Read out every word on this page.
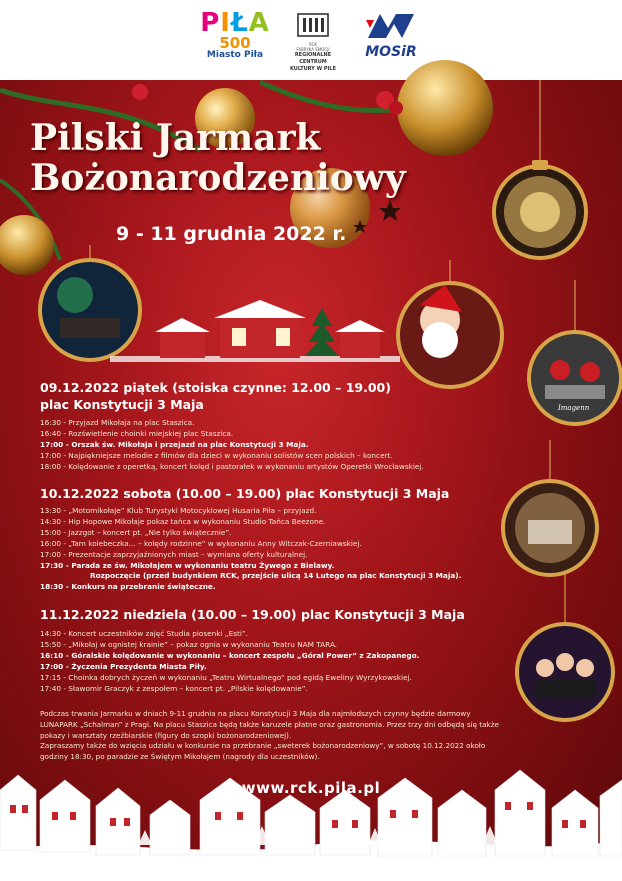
PIŁA
500
Miasto Piła
RCK
FABRYKA EMOCJI
REGIONALNE CENTRUM
KULTURY W PILE
MOSiR
Imagenn
Pilski Jarmark
Bożonarodzeniowy
9 - 11 grudnia 2022 r.
09.12.2022 piątek (stoiska czynne: 12.00 – 19.00)
plac Konstytucji 3 Maja
16:30 - Przyjazd Mikołaja na plac Staszica.
16:40 - Rozświetlenie choinki miejskiej plac Staszica.
17:00 - Orszak św. Mikołaja i przejazd na plac Konstytucji 3 Maja.
17:00 - Najpiękniejsze melodie z filmów dla dzieci w wykonaniu solistów scen polskich – koncert.
18:00 - Kolędowanie z operetką, koncert kolęd i pastorałek w wykonaniu artystów Operetki Wrocławskiej.
10.12.2022 sobota (10.00 – 19.00) plac Konstytucji 3 Maja
13:30 - „Motomikołaje” Klub Turystyki Motocyklowej Husaria Piła – przyjazd.
14:30 - Hip Hopowe Mikołaje pokaz tańca w wykonaniu Studio Tańca Beezone.
15:00 - Jazzgot – koncert pt. „Nie tylko świątecznie”.
16:00 - „Tam kolebeczka... – kolędy rodzinne” w wykonaniu Anny Witczak-Czerniawskiej.
17:00 - Prezentacje zaprzyjaźnionych miast – wymiana oferty kulturalnej.
17:30 - Parada ze św. Mikołajem w wykonaniu teatru Żywego z Bielawy.
Rozpoczęcie (przed budynkiem RCK, przejście ulicą 14 Lutego na plac Konstytucji 3 Maja).
18:30 - Konkurs na przebranie świąteczne.
11.12.2022 niedziela (10.00 – 19.00) plac Konstytucji 3 Maja
14:30 - Koncert uczestników zajęć Studia piosenki „Esti”.
15:50 - „Mikołaj w ognistej krainie” – pokaz ognia w wykonaniu Teatru NAM TARA.
16:10 - Góralskie kolędowanie w wykonaniu – koncert zespołu „Góral Power” z Zakopanego.
17:00 - Życzenia Prezydenta Miasta Piły.
17:15 - Choinka dobrych życzeń w wykonaniu „Teatru Wirtualnego” pod egidą Eweliny Wyrzykowskiej.
17:40 - Sławomir Graczyk z zespołem – koncert pt. „Pilskie kolędowanie”.
Podczas trwania Jarmarku w dniach 9-11 grudnia na placu Konstytucji 3 Maja dla najmłodszych czynny będzie darmowy LUNAPARK „Schalman” z Pragi. Na placu Staszica będą także karuzele płatne oraz gastronomia. Przez trzy dni odbędą się także pokazy i warsztaty rzeźbiarskie (figury do szopki bożonarodzeniowej).
Zapraszamy także do wzięcia udziału w konkursie na przebranie „sweterek bożonarodzeniowy”, w sobotę 10.12.2022 około godziny 18:30, po paradzie ze Świętym Mikołajem (nagrody dla uczestników).
www.rck.pila.pl
